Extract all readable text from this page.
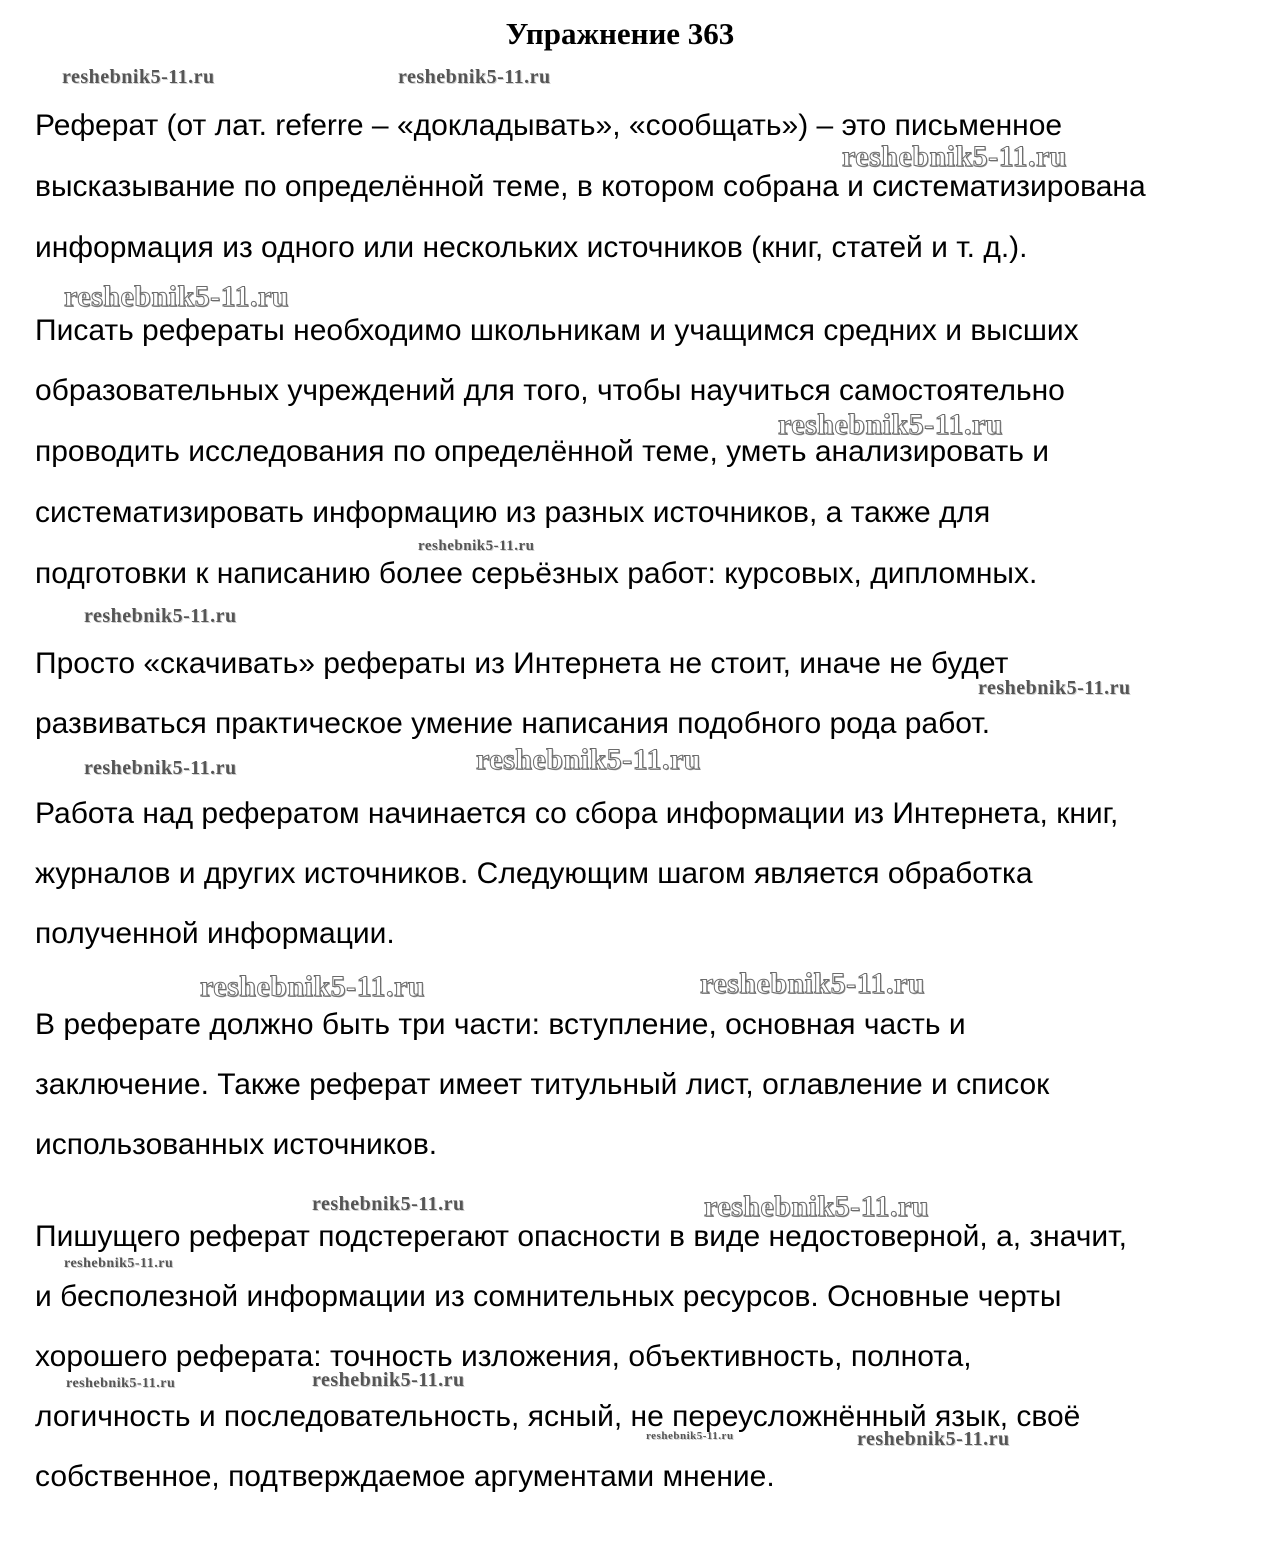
Упражнение 363

Реферат (от лат. referre – «докладывать», «сообщать») – это письменное

высказывание по определённой теме, в котором собрана и систематизирована

информация из одного или нескольких источников (книг, статей и т. д.).

Писать рефераты необходимо школьникам и учащимся средних и высших

образовательных учреждений для того, чтобы научиться самостоятельно

проводить исследования по определённой теме, уметь анализировать и

систематизировать информацию из разных источников, а также для

подготовки к написанию более серьёзных работ: курсовых, дипломных.

Просто «скачивать» рефераты из Интернета не стоит, иначе не будет

развиваться практическое умение написания подобного рода работ.

Работа над рефератом начинается со сбора информации из Интернета, книг,

журналов и других источников. Следующим шагом является обработка

полученной информации.

В реферате должно быть три части: вступление, основная часть и

заключение. Также реферат имеет титульный лист, оглавление и список

использованных источников.

Пишущего реферат подстерегают опасности в виде недостоверной, а, значит,

и бесполезной информации из сомнительных ресурсов. Основные черты

хорошего реферата: точность изложения, объективность, полнота,

логичность и последовательность, ясный, не переусложнённый язык, своё

собственное, подтверждаемое аргументами мнение.

reshebnik5-11.ru	reshebnik5-11.ru
reshebnik5-11.ru
reshebnik5-11.ru
reshebnik5-11.ru
reshebnik5-11.ru
reshebnik5-11.ru
reshebnik5-11.ru
reshebnik5-11.ru	reshebnik5-11.ru
reshebnik5-11.ru	reshebnik5-11.ru
reshebnik5-11.ru	reshebnik5-11.ru
reshebnik5-11.ru
reshebnik5-11.ru	reshebnik5-11.ru
reshebnik5-11.ru	reshebnik5-11.ru
